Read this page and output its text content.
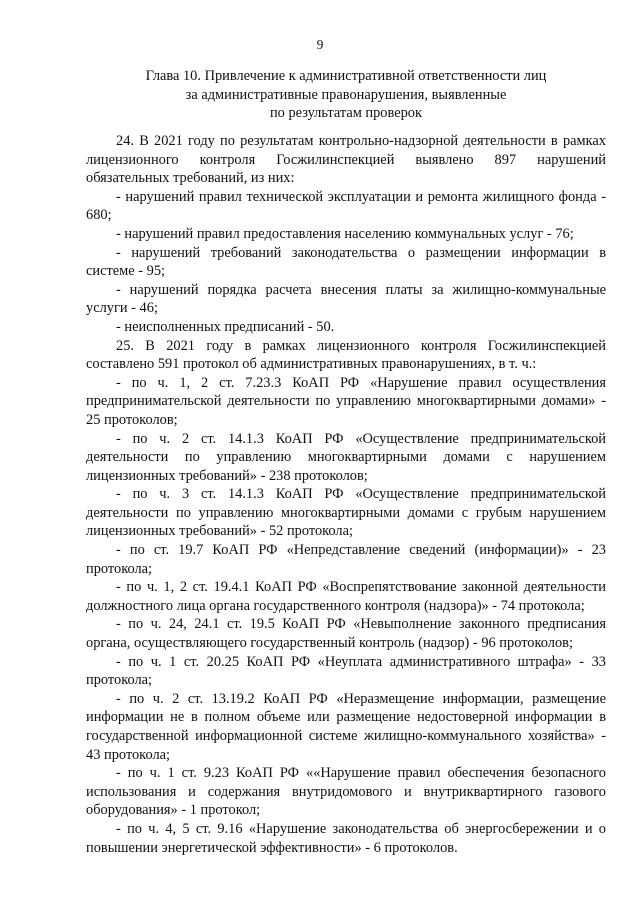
9
Глава 10. Привлечение к административной ответственности лиц
за административные правонарушения, выявленные
по результатам проверок

24. В 2021 году по результатам контрольно-надзорной деятельности в рамках лицензионного контроля Госжилинспекцией выявлено 897 нарушений обязательных требований, из них:

- нарушений правил технической эксплуатации и ремонта жилищного фонда - 680;

- нарушений правил предоставления населению коммунальных услуг - 76;

- нарушений требований законодательства о размещении информации в системе - 95;

- нарушений порядка расчета внесения платы за жилищно-коммунальные услуги - 46;

- неисполненных предписаний - 50.

25. В 2021 году в рамках лицензионного контроля Госжилинспекцией составлено 591 протокол об административных правонарушениях, в т. ч.:

- по ч. 1, 2 ст. 7.23.3 КоАП РФ «Нарушение правил осуществления предпринимательской деятельности по управлению многоквартирными домами» - 25 протоколов;

- по ч. 2 ст. 14.1.3 КоАП РФ «Осуществление предпринимательской деятельности по управлению многоквартирными домами с нарушением лицензионных требований» - 238 протоколов;

- по ч. 3 ст. 14.1.3 КоАП РФ «Осуществление предпринимательской деятельности по управлению многоквартирными домами с грубым нарушением лицензионных требований» - 52 протокола;

- по ст. 19.7 КоАП РФ «Непредставление сведений (информации)» - 23 протокола;

- по ч. 1, 2 ст. 19.4.1 КоАП РФ «Воспрепятствование законной деятельности должностного лица органа государственного контроля (надзора)» - 74 протокола;

- по ч. 24, 24.1 ст. 19.5 КоАП РФ «Невыполнение законного предписания органа, осуществляющего государственный контроль (надзор) - 96 протоколов;

- по ч. 1 ст. 20.25 КоАП РФ «Неуплата административного штрафа» - 33 протокола;

- по ч. 2 ст. 13.19.2 КоАП РФ «Неразмещение информации, размещение информации не в полном объеме или размещение недостоверной информации в государственной информационной системе жилищно-коммунального хозяйства» - 43 протокола;

- по ч. 1 ст. 9.23 КоАП РФ ««Нарушение правил обеспечения безопасного использования и содержания внутридомового и внутриквартирного газового оборудования» - 1 протокол;

- по ч. 4, 5 ст. 9.16 «Нарушение законодательства об энергосбережении и о повышении энергетической эффективности» - 6 протоколов.
